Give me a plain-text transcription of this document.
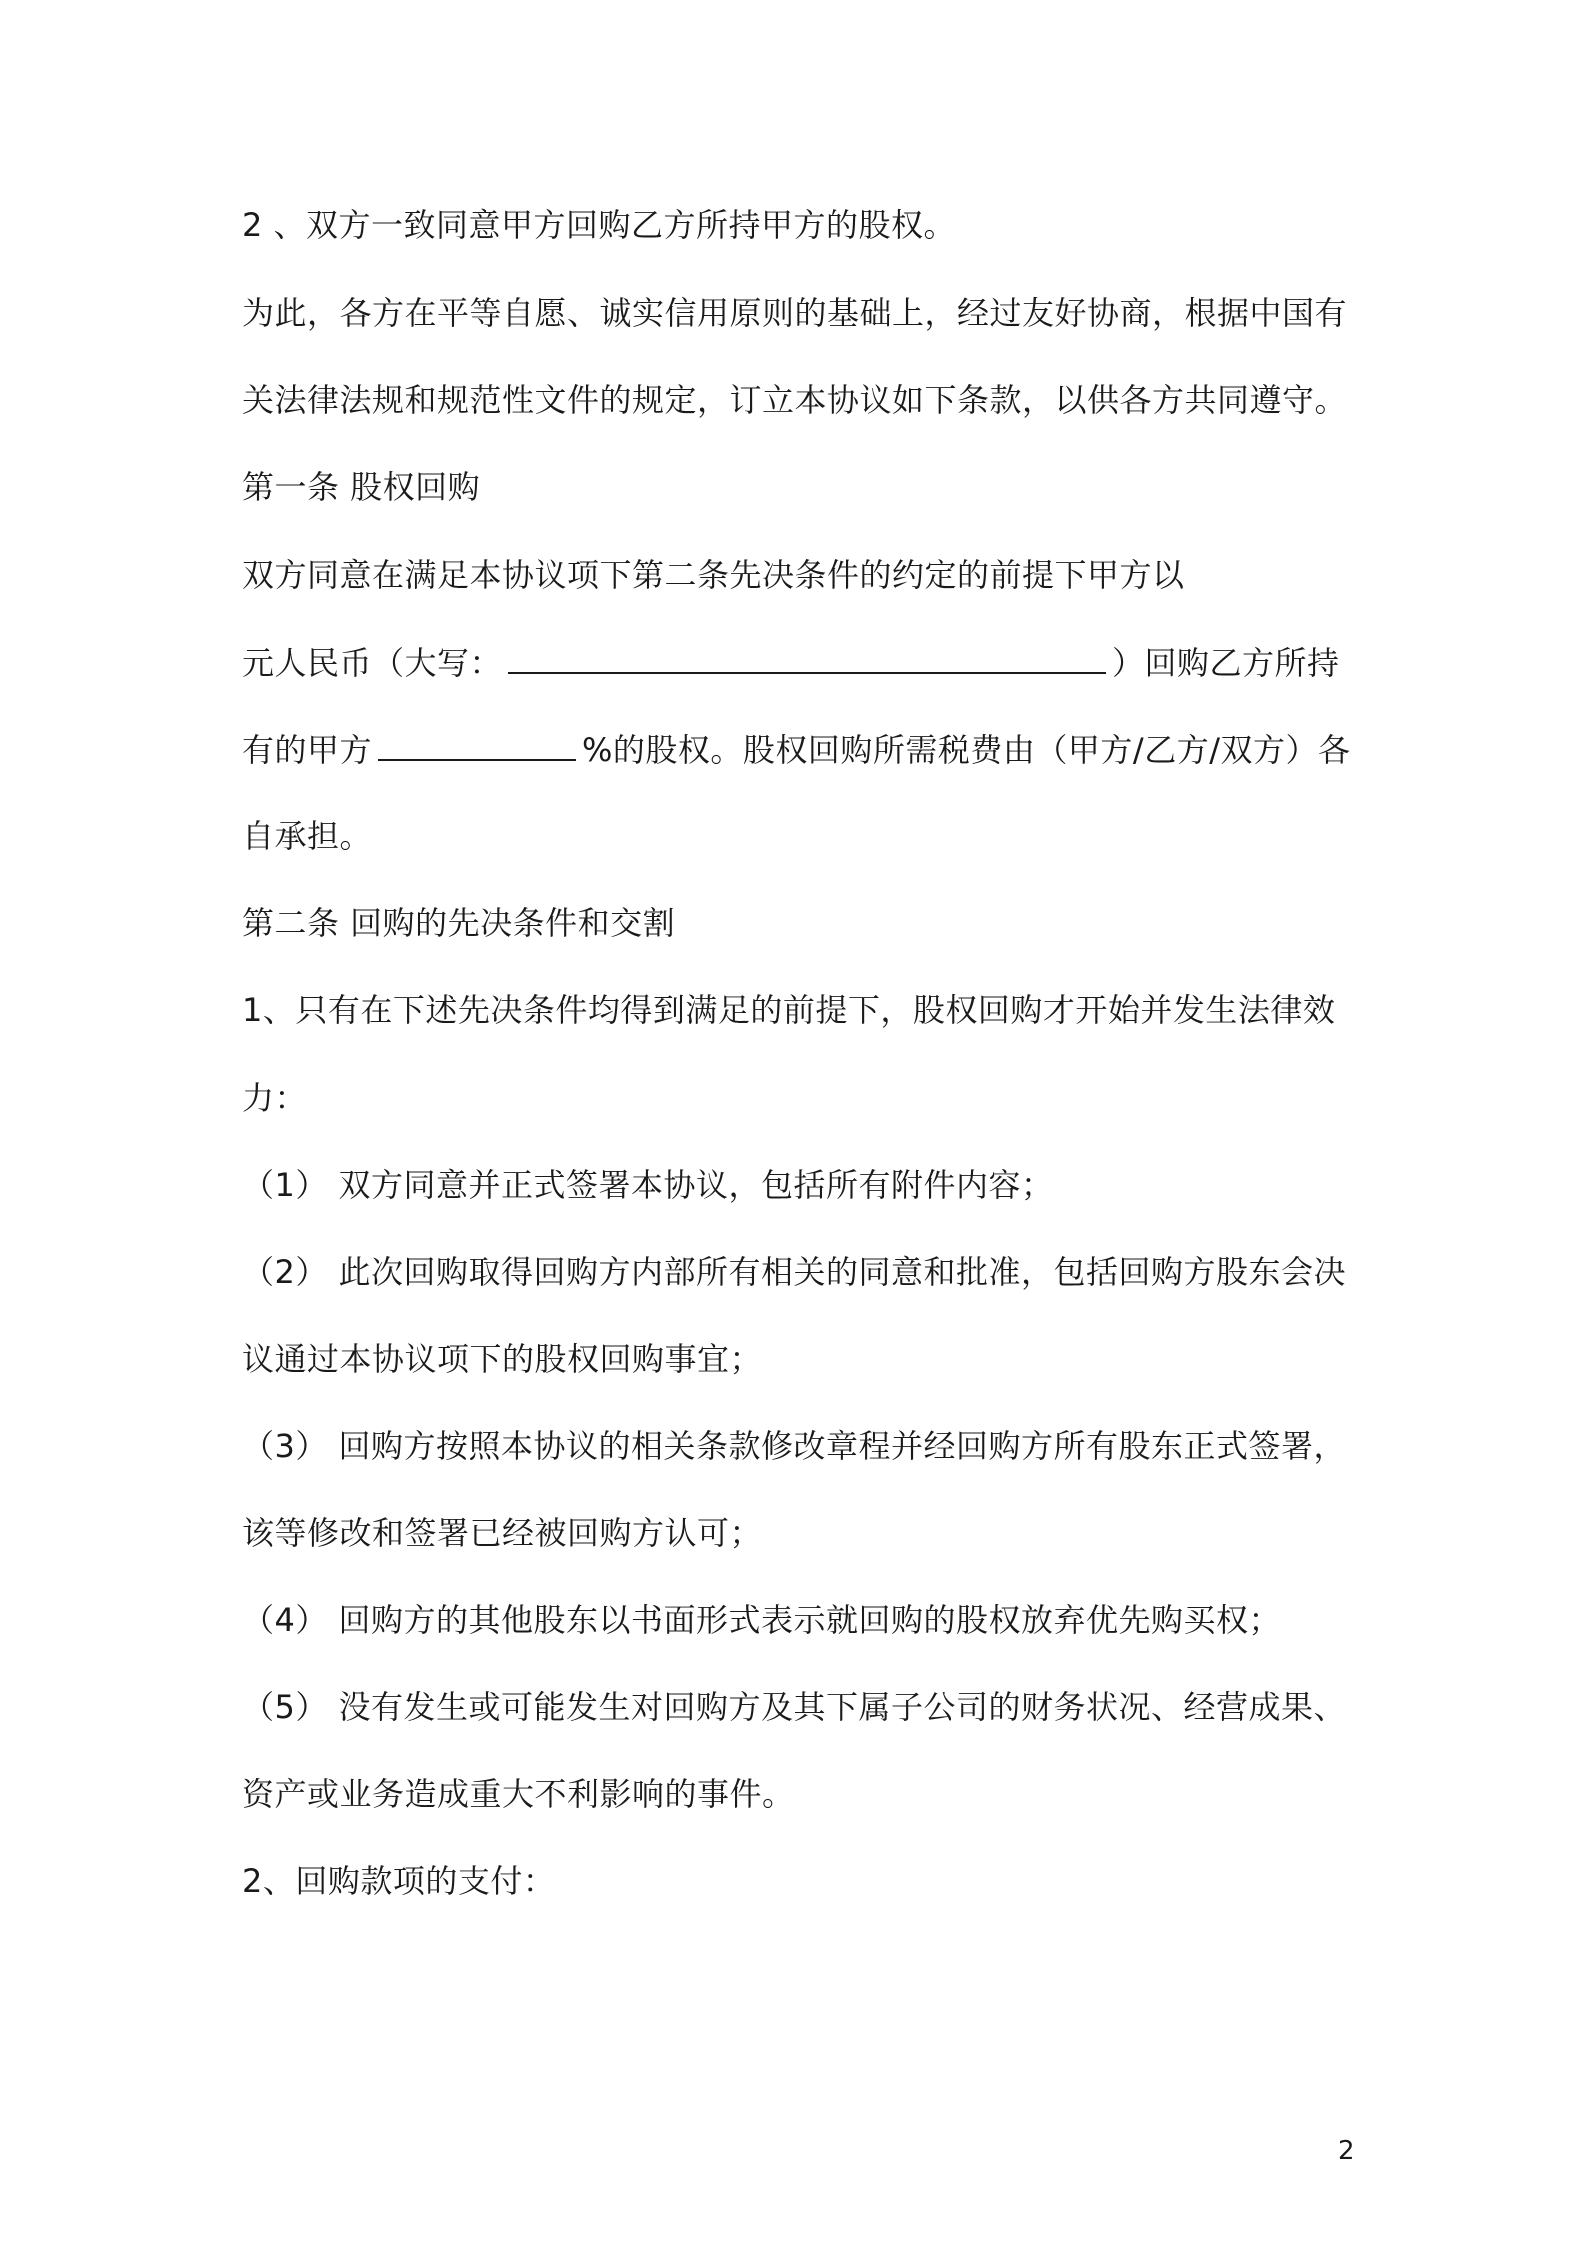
2 、双方一致同意甲方回购乙方所持甲方的股权。
为此，各方在平等自愿、诚实信用原则的基础上，经过友好协商，根据中国有
关法律法规和规范性文件的规定，订立本协议如下条款，以供各方共同遵守。
第一条 股权回购
双方同意在满足本协议项下第二条先决条件的约定的前提下甲方以
元人民币（大写：	）回购乙方所持
有的甲方	%的股权。股权回购所需税费由（甲方/乙方/双方）各
自承担。
第二条 回购的先决条件和交割
1、只有在下述先决条件均得到满足的前提下，股权回购才开始并发生法律效
力：
（1） 双方同意并正式签署本协议，包括所有附件内容；
（2） 此次回购取得回购方内部所有相关的同意和批准，包括回购方股东会决
议通过本协议项下的股权回购事宜；
（3） 回购方按照本协议的相关条款修改章程并经回购方所有股东正式签署，
该等修改和签署已经被回购方认可；
（4） 回购方的其他股东以书面形式表示就回购的股权放弃优先购买权；
（5） 没有发生或可能发生对回购方及其下属子公司的财务状况、经营成果、
资产或业务造成重大不利影响的事件。
2、回购款项的支付：
2
